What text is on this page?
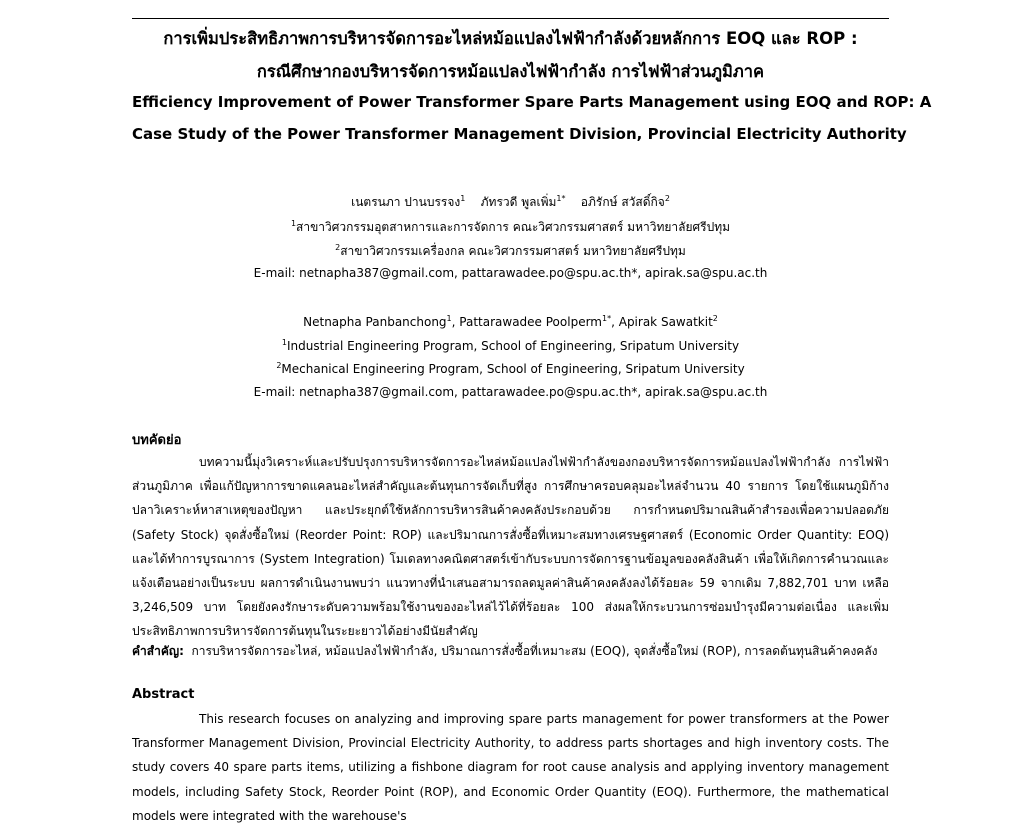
การเพิ่มประสิทธิภาพการบริหารจัดการอะไหล่หม้อแปลงไฟฟ้ากำลังด้วยหลักการ EOQ และ ROP :
กรณีศึกษากองบริหารจัดการหม้อแปลงไฟฟ้ากำลัง การไฟฟ้าส่วนภูมิภาค
Efficiency Improvement of Power Transformer Spare Parts Management using EOQ and ROP: A
Case Study of the Power Transformer Management Division, Provincial Electricity Authority
เนตรนภา ปานบรรจง$^1$ ภัทรวดี พูลเพิ่ม$^{1*}$ อภิรักษ์ สวัสดิ์กิจ$^2$
$^1$สาขาวิศวกรรมอุตสาหการและการจัดการ คณะวิศวกรรมศาสตร์ มหาวิทยาลัยศรีปทุม
$^2$สาขาวิศวกรรมเครื่องกล คณะวิศวกรรมศาสตร์ มหาวิทยาลัยศรีปทุม
E-mail: netnapha387@gmail.com, pattarawadee.po@spu.ac.th*, apirak.sa@spu.ac.th
Netnapha Panbanchong$^1$, Pattarawadee Poolperm$^{1*}$, Apirak Sawatkit$^2$
$^1$Industrial Engineering Program, School of Engineering, Sripatum University
$^2$Mechanical Engineering Program, School of Engineering, Sripatum University
E-mail: netnapha387@gmail.com, pattarawadee.po@spu.ac.th*, apirak.sa@spu.ac.th
บทคัดย่อ

บทความนี้มุ่งวิเคราะห์และปรับปรุงการบริหารจัดการอะไหล่หม้อแปลงไฟฟ้ากำลังของกองบริหารจัดการหม้อแปลงไฟฟ้ากำลัง การไฟฟ้าส่วนภูมิภาค เพื่อแก้ปัญหาการขาดแคลนอะไหล่สำคัญและต้นทุนการจัดเก็บที่สูง การศึกษาครอบคลุมอะไหล่จำนวน 40 รายการ โดยใช้แผนภูมิก้างปลาวิเคราะห์หาสาเหตุของปัญหา และประยุกต์ใช้หลักการบริหารสินค้าคงคลังประกอบด้วย การกำหนดปริมาณสินค้าสำรองเพื่อความปลอดภัย (Safety Stock) จุดสั่งซื้อใหม่ (Reorder Point: ROP) และปริมาณการสั่งซื้อที่เหมาะสมทางเศรษฐศาสตร์ (Economic Order Quantity: EOQ) และได้ทำการบูรณาการ (System Integration) โมเดลทางคณิตศาสตร์เข้ากับระบบการจัดการฐานข้อมูลของคลังสินค้า เพื่อให้เกิดการคำนวณและแจ้งเตือนอย่างเป็นระบบ ผลการดำเนินงานพบว่า แนวทางที่นำเสนอสามารถลดมูลค่าสินค้าคงคลังลงได้ร้อยละ 59 จากเดิม 7,882,701 บาท เหลือ 3,246,509 บาท โดยยังคงรักษาระดับความพร้อมใช้งานของอะไหล่ไว้ได้ที่ร้อยละ 100 ส่งผลให้กระบวนการซ่อมบำรุงมีความต่อเนื่อง และเพิ่มประสิทธิภาพการบริหารจัดการต้นทุนในระยะยาวได้อย่างมีนัยสำคัญ

คำสำคัญ: การบริหารจัดการอะไหล่, หม้อแปลงไฟฟ้ากำลัง, ปริมาณการสั่งซื้อที่เหมาะสม (EOQ), จุดสั่งซื้อใหม่ (ROP), การลดต้นทุนสินค้าคงคลัง
Abstract

This research focuses on analyzing and improving spare parts management for power transformers at the Power Transformer Management Division, Provincial Electricity Authority, to address parts shortages and high inventory costs. The study covers 40 spare parts items, utilizing a fishbone diagram for root cause analysis and applying inventory management models, including Safety Stock, Reorder Point (ROP), and Economic Order Quantity (EOQ). Furthermore, the mathematical models were integrated with the warehouse's
